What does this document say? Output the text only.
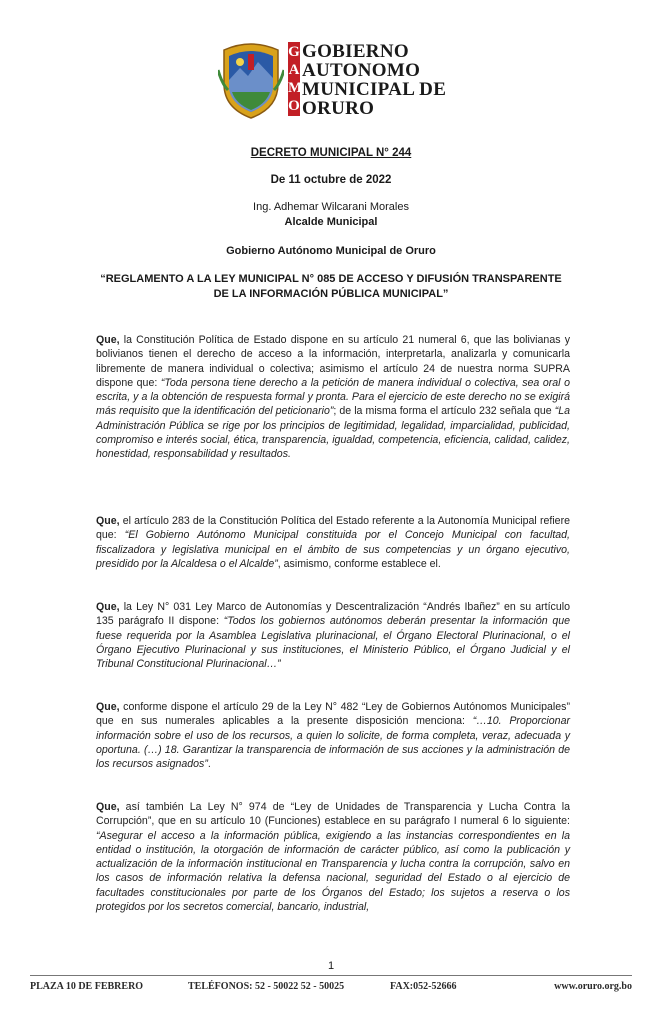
G
A
M
O
GOBIERNO
AUTONOMO
MUNICIPAL DE
ORURO
DECRETO MUNICIPAL N° 244
De 11 octubre de 2022
Ing. Adhemar Wilcarani Morales
Alcalde Municipal
Gobierno Autónomo Municipal de Oruro
“REGLAMENTO A LA LEY MUNICIPAL N° 085 DE ACCESO Y DIFUSIÓN TRANSPARENTE
DE LA INFORMACIÓN PÚBLICA MUNICIPAL”
Que, la Constitución Política de Estado dispone en su artículo 21 numeral 6, que las bolivianas y bolivianos tienen el derecho de acceso a la información, interpretarla, analizarla y comunicarla libremente de manera individual o colectiva; asimismo el artículo 24 de nuestra norma SUPRA dispone que: “Toda persona tiene derecho a la petición de manera individual o colectiva, sea oral o escrita, y a la obtención de respuesta formal y pronta. Para el ejercicio de este derecho no se exigirá más requisito que la identificación del peticionario”; de la misma forma el artículo 232 señala que “La Administración Pública se rige por los principios de legitimidad, legalidad, imparcialidad, publicidad, compromiso e interés social, ética, transparencia, igualdad, competencia, eficiencia, calidad, calidez, honestidad, responsabilidad y resultados.
Que, el artículo 283 de la Constitución Política del Estado referente a la Autonomía Municipal refiere que: “El Gobierno Autónomo Municipal constituida por el Concejo Municipal con facultad, fiscalizadora y legislativa municipal en el ámbito de sus competencias y un órgano ejecutivo, presidido por la Alcaldesa o el Alcalde”, asimismo, conforme establece el.
Que, la Ley N° 031 Ley Marco de Autonomías y Descentralización “Andrés Ibañez” en su artículo 135 parágrafo II dispone: “Todos los gobiernos autónomos deberán presentar la información que fuese requerida por la Asamblea Legislativa plurinacional, el Órgano Electoral Plurinacional, o el Órgano Ejecutivo Plurinacional y sus instituciones, el Ministerio Público, el Órgano Judicial y el Tribunal Constitucional Plurinacional…”
Que, conforme dispone el artículo 29 de la Ley N° 482 “Ley de Gobiernos Autónomos Municipales” que en sus numerales aplicables a la presente disposición menciona: “…10. Proporcionar información sobre el uso de los recursos, a quien lo solicite, de forma completa, veraz, adecuada y oportuna. (…) 18. Garantizar la transparencia de información de sus acciones y la administración de los recursos asignados”.
Que, así también La Ley N° 974 de “Ley de Unidades de Transparencia y Lucha Contra la Corrupción”, que en su artículo 10 (Funciones) establece en su parágrafo I numeral 6 lo siguiente: “Asegurar el acceso a la información pública, exigiendo a las instancias correspondientes en la entidad o institución, la otorgación de información de carácter público, así como la publicación y actualización de la información institucional en Transparencia y lucha contra la corrupción, salvo en los casos de información relativa la defensa nacional, seguridad del Estado o al ejercicio de facultades constitucionales por parte de los Órganos del Estado; los sujetos a reserva o los protegidos por los secretos comercial, bancario, industrial,
1
PLAZA 10 DE FEBRERO	TELÉFONOS: 52 - 50022 52 - 50025	FAX:052-52666	www.oruro.org.bo
